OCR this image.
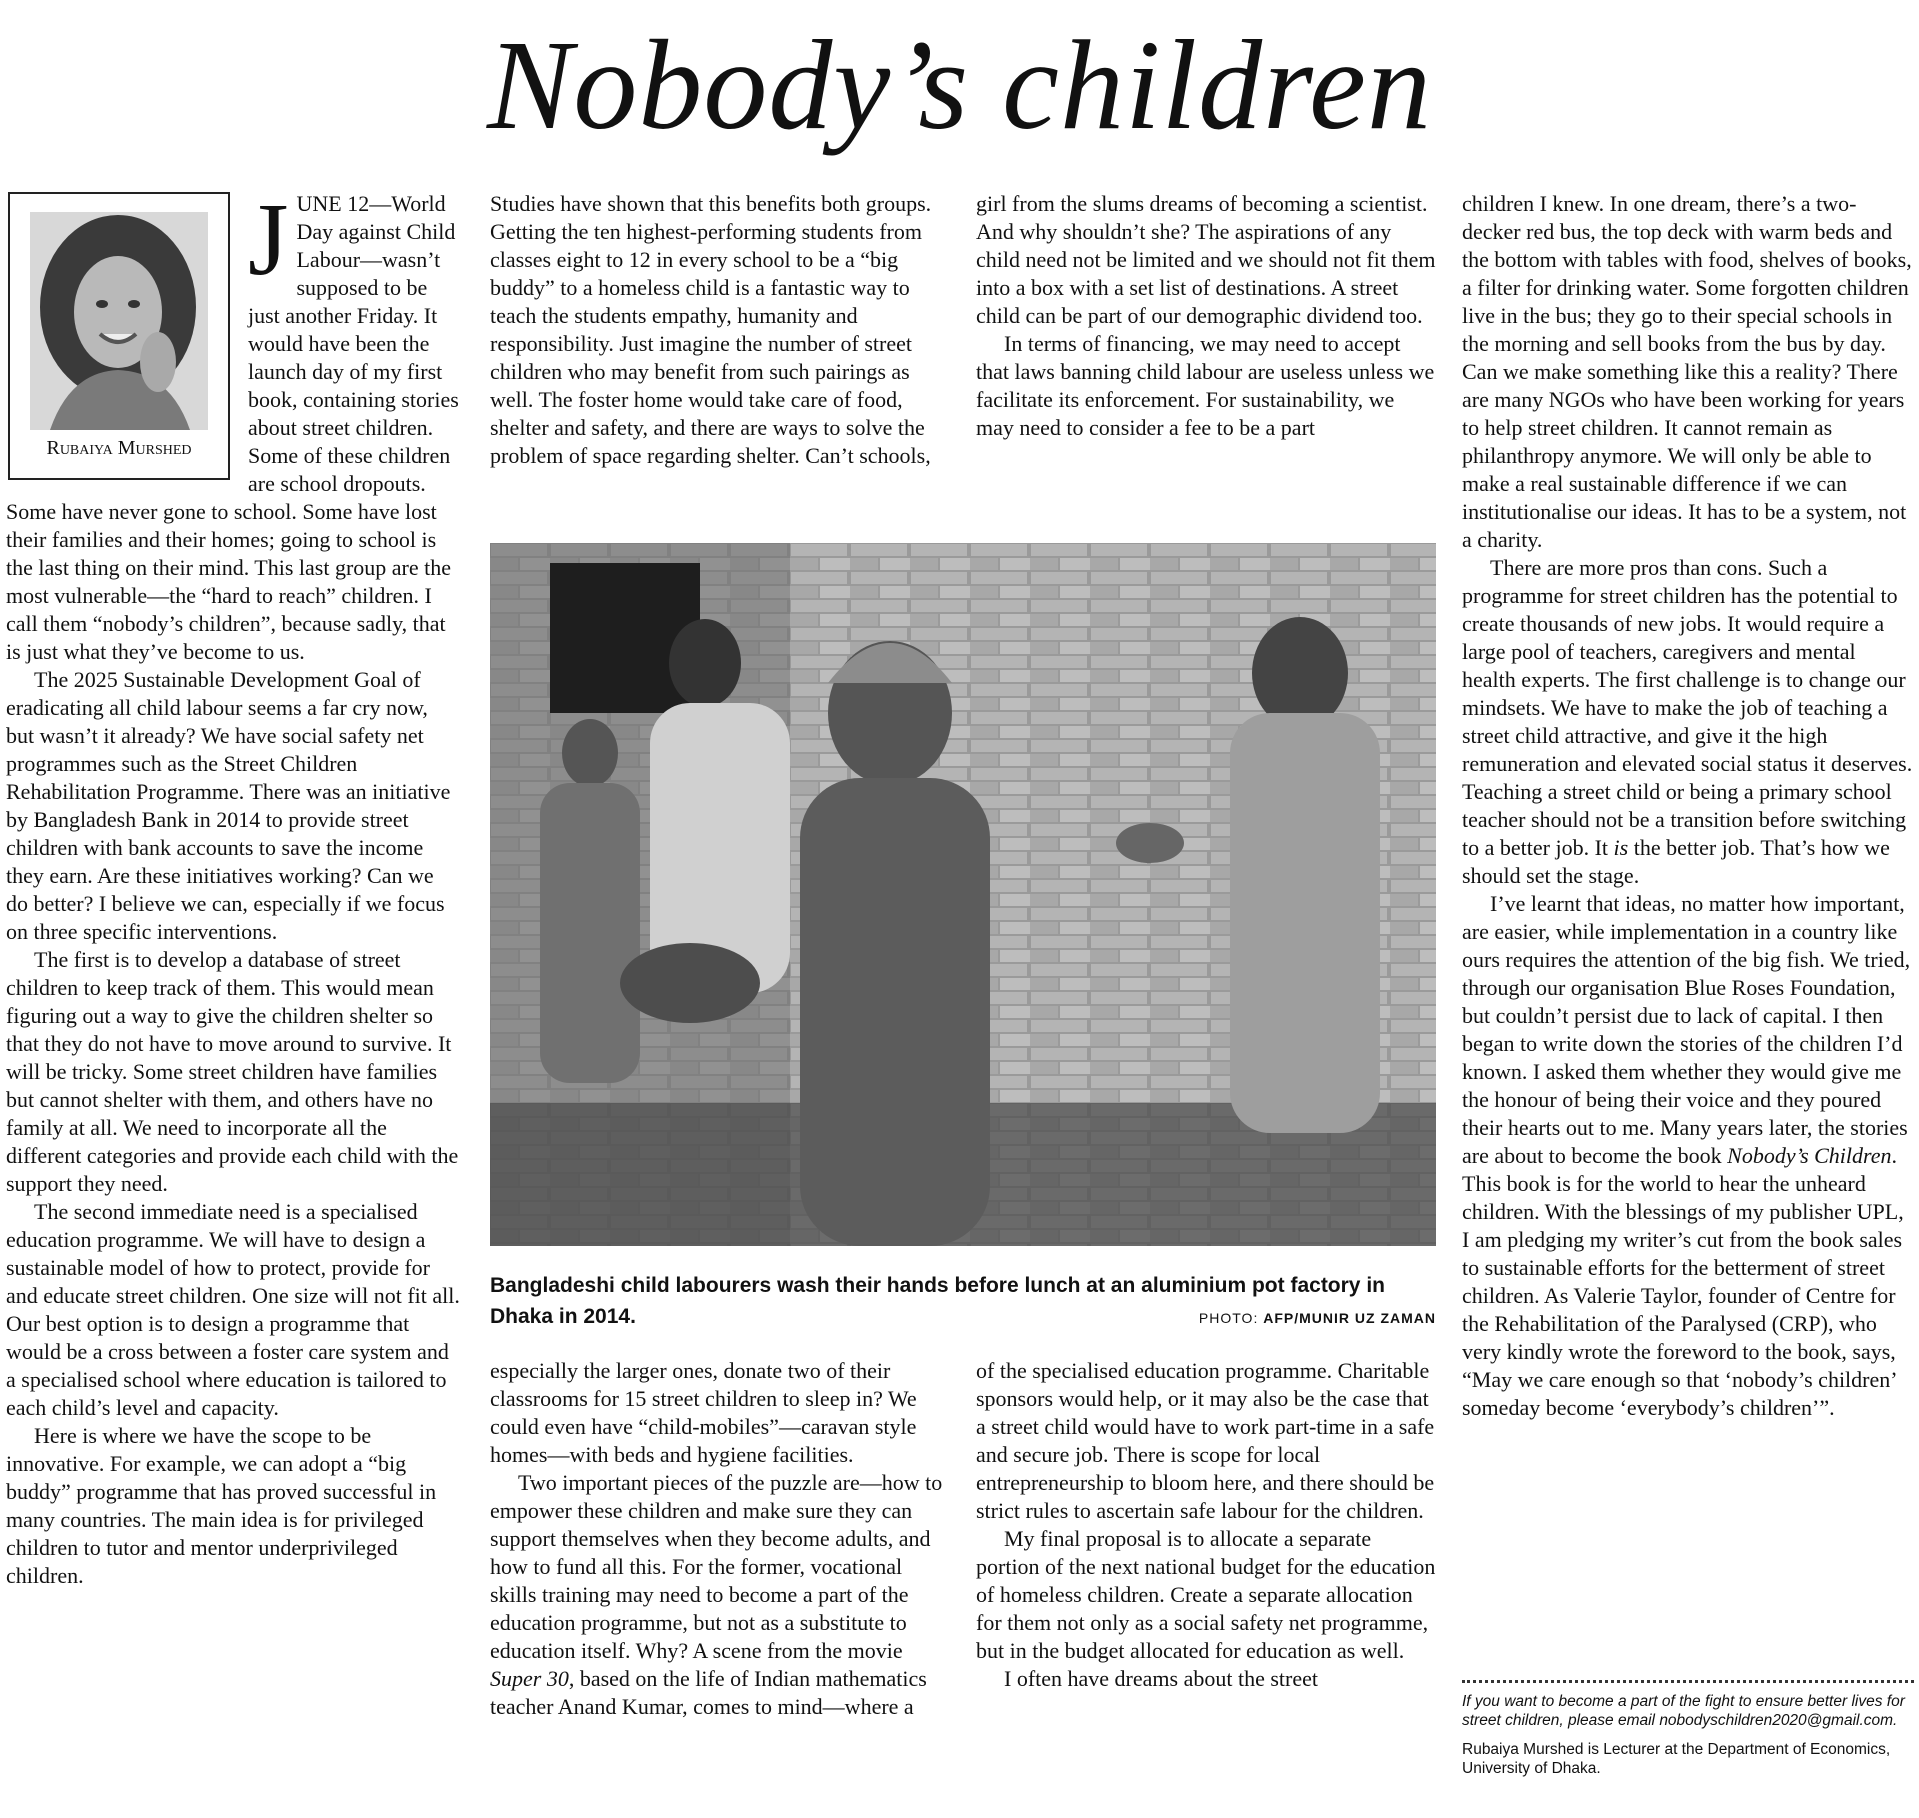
Nobody’s children
Rubaiya Murshed

JUNE 12—World Day against Child Labour—wasn’t supposed to be just another Friday. It would have been the launch day of my first book, containing stories about street children. Some of these children are school dropouts. Some have never gone to school. Some have lost their families and their homes; going to school is the last thing on their mind. This last group are the most vulnerable—the “hard to reach” children. I call them “nobody’s children”, because sadly, that is just what they’ve become to us.

The 2025 Sustainable Development Goal of eradicating all child labour seems a far cry now, but wasn’t it already? We have social safety net programmes such as the Street Children Rehabilitation Programme. There was an initiative by Bangladesh Bank in 2014 to provide street children with bank accounts to save the income they earn. Are these initiatives working? Can we do better? I believe we can, especially if we focus on three specific interventions.

The first is to develop a database of street children to keep track of them. This would mean figuring out a way to give the children shelter so that they do not have to move around to survive. It will be tricky. Some street children have families but cannot shelter with them, and others have no family at all. We need to incorporate all the different categories and provide each child with the support they need.

The second immediate need is a specialised education programme. We will have to design a sustainable model of how to protect, provide for and educate street children. One size will not fit all. Our best option is to design a programme that would be a cross between a foster care system and a specialised school where education is tailored to each child’s level and capacity.

Here is where we have the scope to be innovative. For example, we can adopt a “big buddy” programme that has proved successful in many countries. The main idea is for privileged children to tutor and mentor underprivileged children.

Studies have shown that this benefits both groups. Getting the ten highest-performing students from classes eight to 12 in every school to be a “big buddy” to a homeless child is a fantastic way to teach the students empathy, humanity and responsibility. Just imagine the number of street children who may benefit from such pairings as well. The foster home would take care of food, shelter and safety, and there are ways to solve the problem of space regarding shelter. Can’t schools,

girl from the slums dreams of becoming a scientist. And why shouldn’t she? The aspirations of any child need not be limited and we should not fit them into a box with a set list of destinations. A street child can be part of our demographic dividend too.

In terms of financing, we may need to accept that laws banning child labour are useless unless we facilitate its enforcement. For sustainability, we may need to consider a fee to be a part

Bangladeshi child labourers wash their hands before lunch at an aluminium pot factory in Dhaka in 2014.	PHOTO: AFP/MUNIR UZ ZAMAN

especially the larger ones, donate two of their classrooms for 15 street children to sleep in? We could even have “child-mobiles”—caravan style homes—with beds and hygiene facilities.

Two important pieces of the puzzle are—how to empower these children and make sure they can support themselves when they become adults, and how to fund all this. For the former, vocational skills training may need to become a part of the education programme, but not as a substitute to education itself. Why? A scene from the movie Super 30, based on the life of Indian mathematics teacher Anand Kumar, comes to mind—where a

of the specialised education programme. Charitable sponsors would help, or it may also be the case that a street child would have to work part-time in a safe and secure job. There is scope for local entrepreneurship to bloom here, and there should be strict rules to ascertain safe labour for the children.

My final proposal is to allocate a separate portion of the next national budget for the education of homeless children. Create a separate allocation for them not only as a social safety net programme, but in the budget allocated for education as well.

I often have dreams about the street

children I knew. In one dream, there’s a two-decker red bus, the top deck with warm beds and the bottom with tables with food, shelves of books, a filter for drinking water. Some forgotten children live in the bus; they go to their special schools in the morning and sell books from the bus by day. Can we make something like this a reality? There are many NGOs who have been working for years to help street children. It cannot remain as philanthropy anymore. We will only be able to make a real sustainable difference if we can institutionalise our ideas. It has to be a system, not a charity.

There are more pros than cons. Such a programme for street children has the potential to create thousands of new jobs. It would require a large pool of teachers, caregivers and mental health experts. The first challenge is to change our mindsets. We have to make the job of teaching a street child attractive, and give it the high remuneration and elevated social status it deserves. Teaching a street child or being a primary school teacher should not be a transition before switching to a better job. It is the better job. That’s how we should set the stage.

I’ve learnt that ideas, no matter how important, are easier, while implementation in a country like ours requires the attention of the big fish. We tried, through our organisation Blue Roses Foundation, but couldn’t persist due to lack of capital. I then began to write down the stories of the children I’d known. I asked them whether they would give me the honour of being their voice and they poured their hearts out to me. Many years later, the stories are about to become the book Nobody’s Children. This book is for the world to hear the unheard children. With the blessings of my publisher UPL, I am pledging my writer’s cut from the book sales to sustainable efforts for the betterment of street children. As Valerie Taylor, founder of Centre for the Rehabilitation of the Paralysed (CRP), who very kindly wrote the foreword to the book, says, “May we care enough so that ‘nobody’s children’ someday become ‘everybody’s children’”.

If you want to become a part of the fight to ensure better lives for street children, please email nobodyschildren2020@gmail.com.
Rubaiya Murshed is Lecturer at the Department of Economics, University of Dhaka.
